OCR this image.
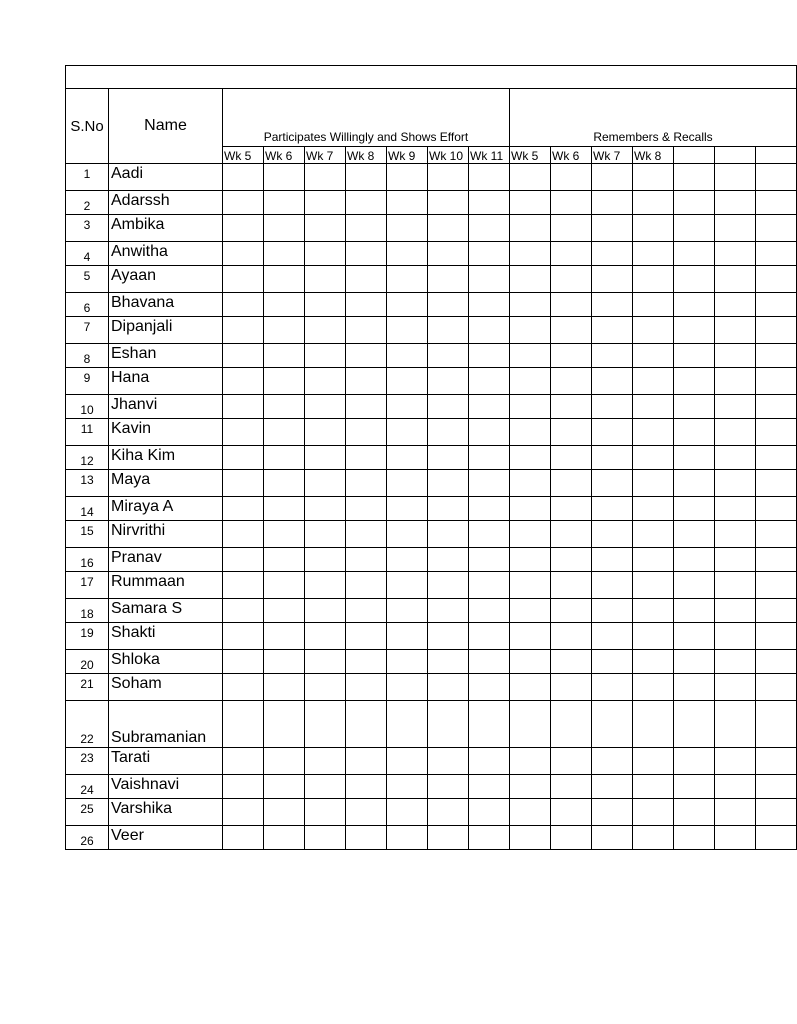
S.No	Name	Participates Willingly and Shows Effort							Remembers & Recalls						
		Wk 5	Wk 6	Wk 7	Wk 8	Wk 9	Wk 10	Wk 11	Wk 5	Wk 6	Wk 7	Wk 8			
1	Aadi														
2	Adarssh														
3	Ambika														
4	Anwitha														
5	Ayaan														
6	Bhavana														
7	Dipanjali														
8	Eshan														
9	Hana														
10	Jhanvi														
11	Kavin														
12	Kiha Kim														
13	Maya														
14	Miraya A														
15	Nirvrithi														
16	Pranav														
17	Rummaan														
18	Samara S														
19	Shakti														
20	Shloka														
21	Soham														
22	Subramanian														
23	Tarati														
24	Vaishnavi														
25	Varshika														
26	Veer														
